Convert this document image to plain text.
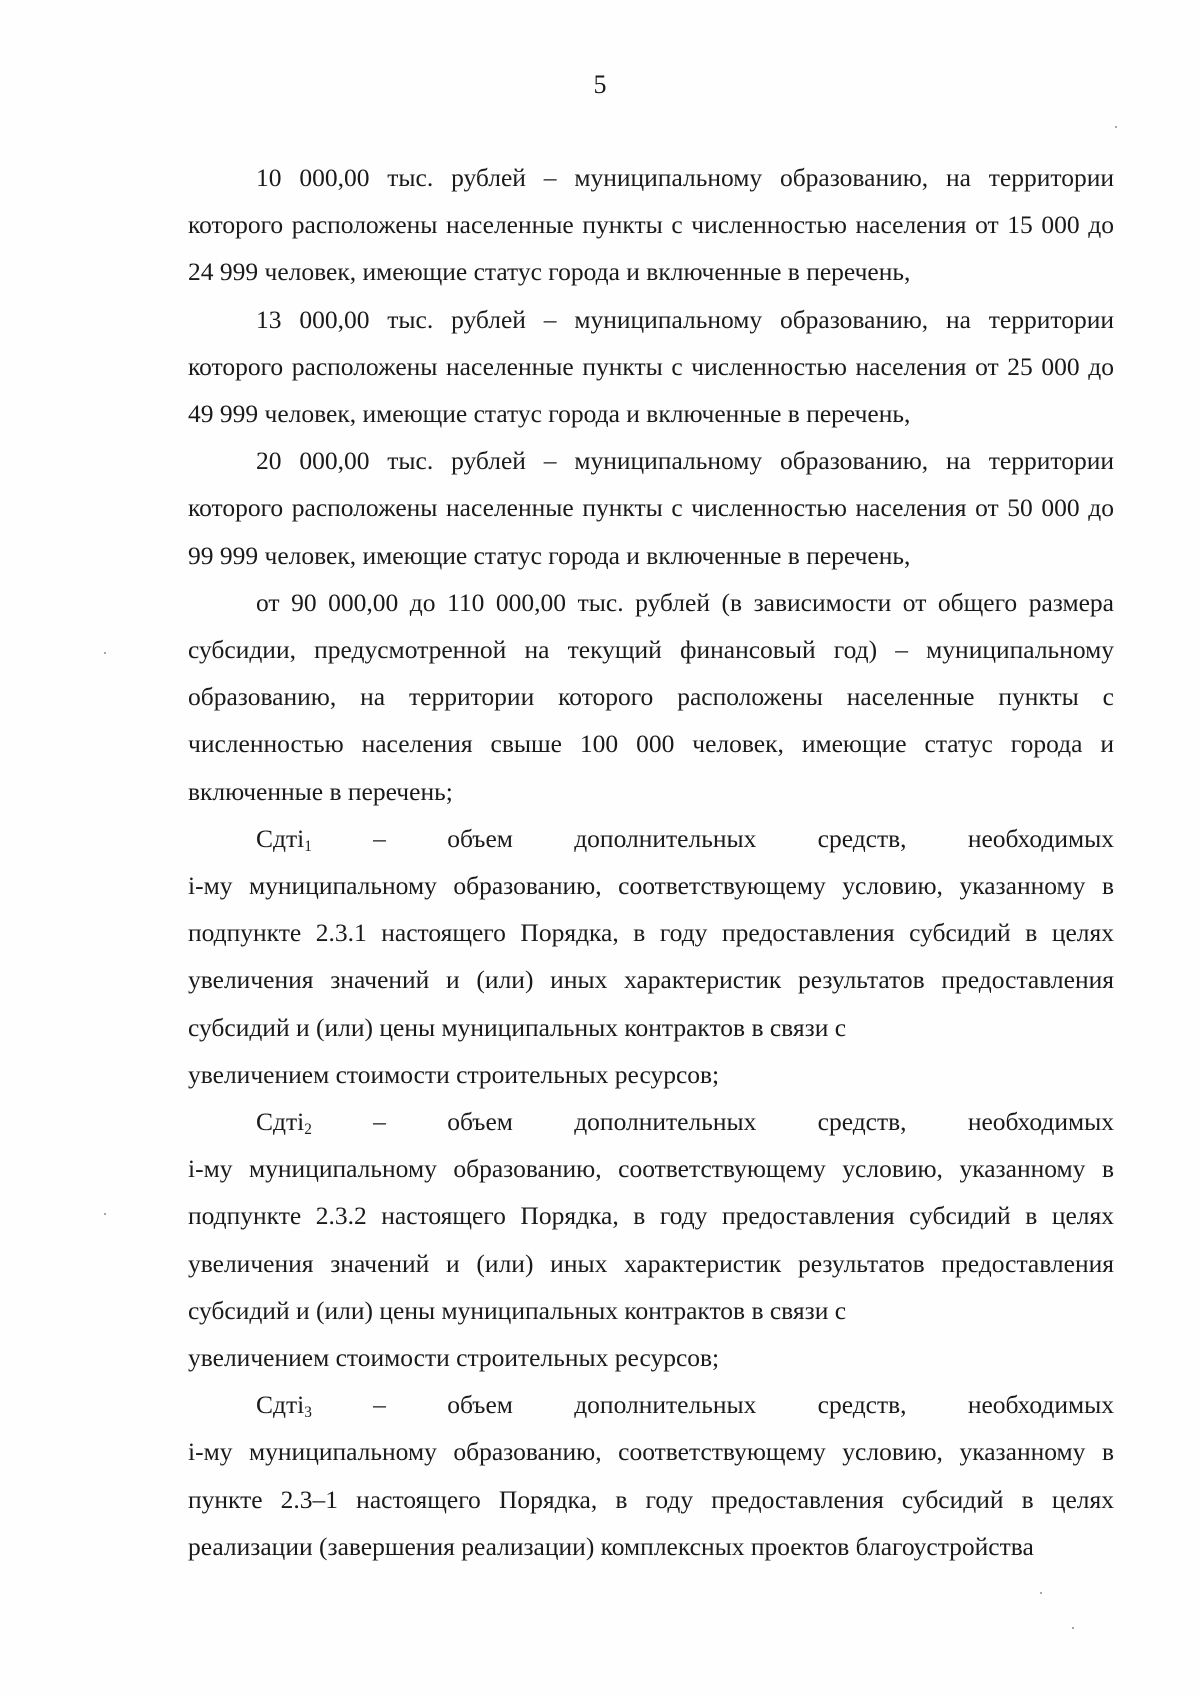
5

10 000,00 тыс. рублей – муниципальному образованию, на территории которого расположены населенные пункты с численностью населения от 15 000 до 24 999 человек, имеющие статус города и включенные в перечень,

13 000,00 тыс. рублей – муниципальному образованию, на территории которого расположены населенные пункты с численностью населения от 25 000 до 49 999 человек, имеющие статус города и включенные в перечень,

20 000,00 тыс. рублей – муниципальному образованию, на территории которого расположены населенные пункты с численностью населения от 50 000 до 99 999 человек, имеющие статус города и включенные в перечень,

от 90 000,00 до 110 000,00 тыс. рублей (в зависимости от общего размера субсидии, предусмотренной на текущий финансовый год) – муниципальному образованию, на территории которого расположены населенные пункты с численностью населения свыше 100 000 человек, имеющие статус города и включенные в перечень;

Сдті$_1$ – объем дополнительных средств, необходимых

і-му муниципальному образованию, соответствующему условию, указанному в подпункте 2.3.1 настоящего Порядка, в году предоставления субсидий в целях увеличения значений и (или) иных характеристик результатов предоставления субсидий и (или) цены муниципальных контрактов в связи с

увеличением стоимости строительных ресурсов;

Сдті$_2$ – объем дополнительных средств, необходимых

і-му муниципальному образованию, соответствующему условию, указанному в подпункте 2.3.2 настоящего Порядка, в году предоставления субсидий в целях увеличения значений и (или) иных характеристик результатов предоставления субсидий и (или) цены муниципальных контрактов в связи с

увеличением стоимости строительных ресурсов;

Сдті$_3$ – объем дополнительных средств, необходимых

і-му муниципальному образованию, соответствующему условию, указанному в пункте 2.3–1 настоящего Порядка, в году предоставления субсидий в целях реализации (завершения реализации) комплексных проектов благоустройства
